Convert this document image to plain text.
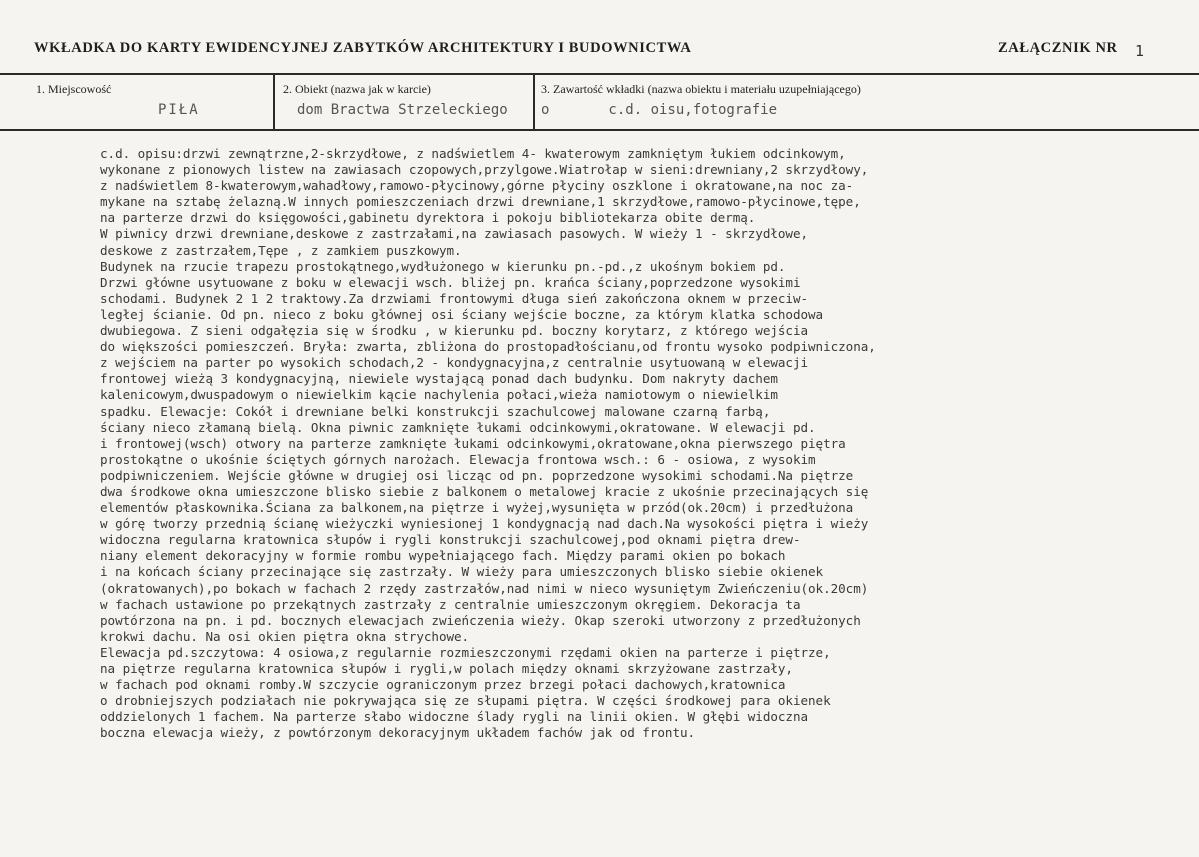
WKŁADKA DO KARTY EWIDENCYJNEJ ZABYTKÓW ARCHITEKTURY I BUDOWNICTWA	ZAŁĄCZNIK NR 1
1. Miejscowość
PIŁA
2. Obiekt (nazwa jak w karcie)
dom Bractwa Strzeleckiego
3. Zawartość wkładki (nazwa obiektu i materiału uzupełniającego)
o       c.d. oisu,fotografie
c.d. opisu:drzwi zewnątrzne,2-skrzydłowe, z nadświetlem 4- kwaterowym zamkniętym łukiem odcinkowym,
wykonane z pionowych listew na zawiasach czopowych,przylgowe.Wiatrołap w sieni:drewniany,2 skrzydłowy,
z nadświetlem 8-kwaterowym,wahadłowy,ramowo-płycinowy,górne płyciny oszklone i okratowane,na noc za-
mykane na sztabę żelazną.W innych pomieszczeniach drzwi drewniane,1 skrzydłowe,ramowo-płycinowe,tępe,
na parterze drzwi do księgowości,gabinetu dyrektora i pokoju bibliotekarza obite dermą.
W piwnicy drzwi drewniane,deskowe z zastrzałami,na zawiasach pasowych. W wieży 1 - skrzydłowe,
deskowe z zastrzałem,Tępe , z zamkiem puszkowym.
Budynek na rzucie trapezu prostokątnego,wydłużonego w kierunku pn.-pd.,z ukośnym bokiem pd.
Drzwi główne usytuowane z boku w elewacji wsch. bliżej pn. krańca ściany,poprzedzone wysokimi
schodami. Budynek 2 1 2 traktowy.Za drzwiami frontowymi długa sień zakończona oknem w przeciw-
ległej ścianie. Od pn. nieco z boku głównej osi ściany wejście boczne, za którym klatka schodowa
dwubiegowa. Z sieni odgałęzia się w środku , w kierunku pd. boczny korytarz, z którego wejścia
do większości pomieszczeń. Bryła: zwarta, zbliżona do prostopadłościanu,od frontu wysoko podpiwniczona,
z wejściem na parter po wysokich schodach,2 - kondygnacyjna,z centralnie usytuowaną w elewacji
frontowej wieżą 3 kondygnacyjną, niewiele wystającą ponad dach budynku. Dom nakryty dachem
kalenicowym,dwuspadowym o niewielkim kącie nachylenia połaci,wieża namiotowym o niewielkim
spadku. Elewacje: Cokół i drewniane belki konstrukcji szachulcowej malowane czarną farbą,
ściany nieco złamaną bielą. Okna piwnic zamknięte łukami odcinkowymi,okratowane. W elewacji pd.
i frontowej(wsch) otwory na parterze zamknięte łukami odcinkowymi,okratowane,okna pierwszego piętra
prostokątne o ukośnie ściętych górnych narożach. Elewacja frontowa wsch.: 6 - osiowa, z wysokim
podpiwniczeniem. Wejście główne w drugiej osi licząc od pn. poprzedzone wysokimi schodami.Na piętrze
dwa środkowe okna umieszczone blisko siebie z balkonem o metalowej kracie z ukośnie przecinających się
elementów płaskownika.Ściana za balkonem,na piętrze i wyżej,wysunięta w przód(ok.20cm) i przedłużona
w górę tworzy przednią ścianę wieżyczki wyniesionej 1 kondygnacją nad dach.Na wysokości piętra i wieży
widoczna regularna kratownica słupów i rygli konstrukcji szachulcowej,pod oknami piętra drew-
niany element dekoracyjny w formie rombu wypełniającego fach. Między parami okien po bokach
i na końcach ściany przecinające się zastrzały. W wieży para umieszczonych blisko siebie okienek
(okratowanych),po bokach w fachach 2 rzędy zastrzałów,nad nimi w nieco wysuniętym Zwieńczeniu(ok.20cm)
w fachach ustawione po przekątnych zastrzały z centralnie umieszczonym okręgiem. Dekoracja ta
powtórzona na pn. i pd. bocznych elewacjach zwieńczenia wieży. Okap szeroki utworzony z przedłużonych
krokwi dachu. Na osi okien piętra okna strychowe.
Elewacja pd.szczytowa: 4 osiowa,z regularnie rozmieszczonymi rzędami okien na parterze i piętrze,
na piętrze regularna kratownica słupów i rygli,w polach między oknami skrzyżowane zastrzały,
w fachach pod oknami romby.W szczycie ograniczonym przez brzegi połaci dachowych,kratownica
o drobniejszych podziałach nie pokrywająca się ze słupami piętra. W części środkowej para okienek
oddzielonych 1 fachem. Na parterze słabo widoczne ślady rygli na linii okien. W głębi widoczna
boczna elewacja wieży, z powtórzonym dekoracyjnym układem fachów jak od frontu.
